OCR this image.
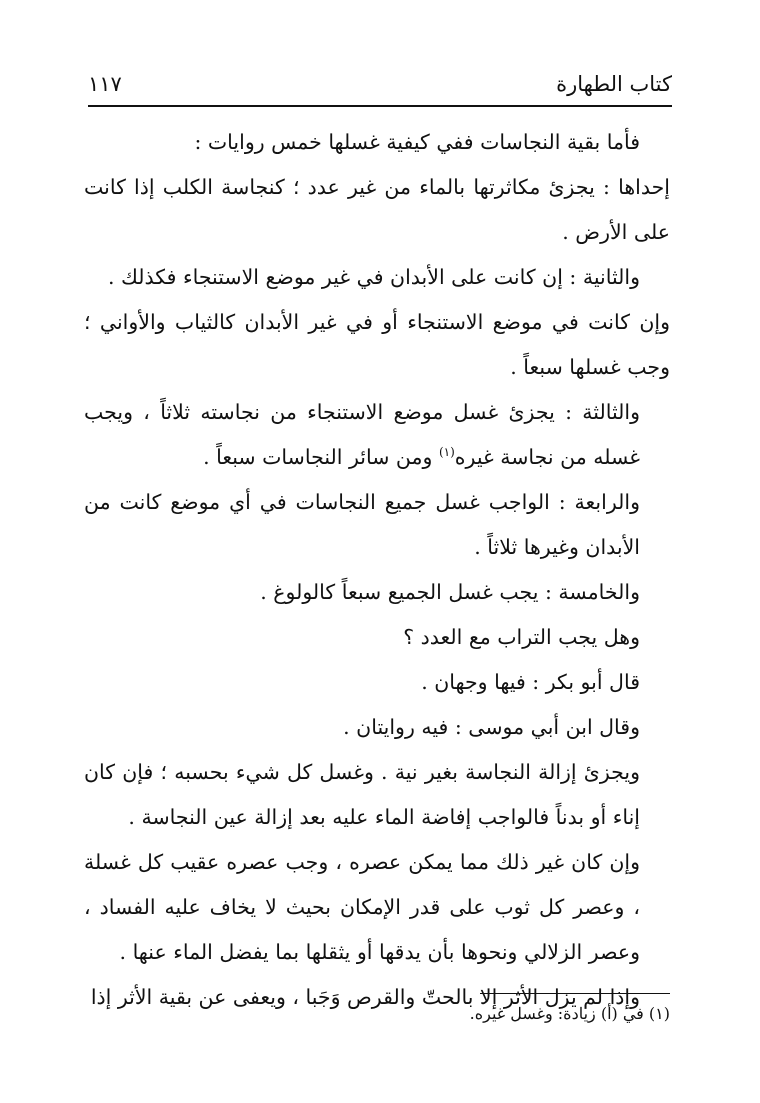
كتاب الطهارة
١١٧

فأما بقية النجاسات ففي كيفية غسلها خمس روايات :

إحداها : يجزئ مكاثرتها بالماء من غير عدد ؛ كنجاسة الكلب إذا كانت على الأرض .

والثانية : إن كانت على الأبدان في غير موضع الاستنجاء فكذلك .

وإن كانت في موضع الاستنجاء أو في غير الأبدان كالثياب والأواني ؛ وجب غسلها سبعاً .

والثالثة : يجزئ غسل موضع الاستنجاء من نجاسته ثلاثاً ، ويجب غسله من نجاسة غيره$^{(١)}$ ومن سائر النجاسات سبعاً .

والرابعة : الواجب غسل جميع النجاسات في أي موضع كانت من الأبدان وغيرها ثلاثاً .

والخامسة : يجب غسل الجميع سبعاً كالولوغ .

وهل يجب التراب مع العدد ؟

قال أبو بكر : فيها وجهان .

وقال ابن أبي موسى : فيه روايتان .

ويجزئ إزالة النجاسة بغير نية . وغسل كل شيء بحسبه ؛ فإن كان إناء أو بدناً فالواجب إفاضة الماء عليه بعد إزالة عين النجاسة .

وإن كان غير ذلك مما يمكن عصره ، وجب عصره عقيب كل غسلة ، وعصر كل ثوب على قدر الإمكان بحيث لا يخاف عليه الفساد ، وعصر الزلالي ونحوها بأن يدقها أو يثقلها بما يفضل الماء عنها .

وإذا لم يزل الأثر إلا بالحتّ والقرص وَجَبا ، ويعفى عن بقية الأثر إذا

(١) في (أ) زيادة: وغسل غيره.
